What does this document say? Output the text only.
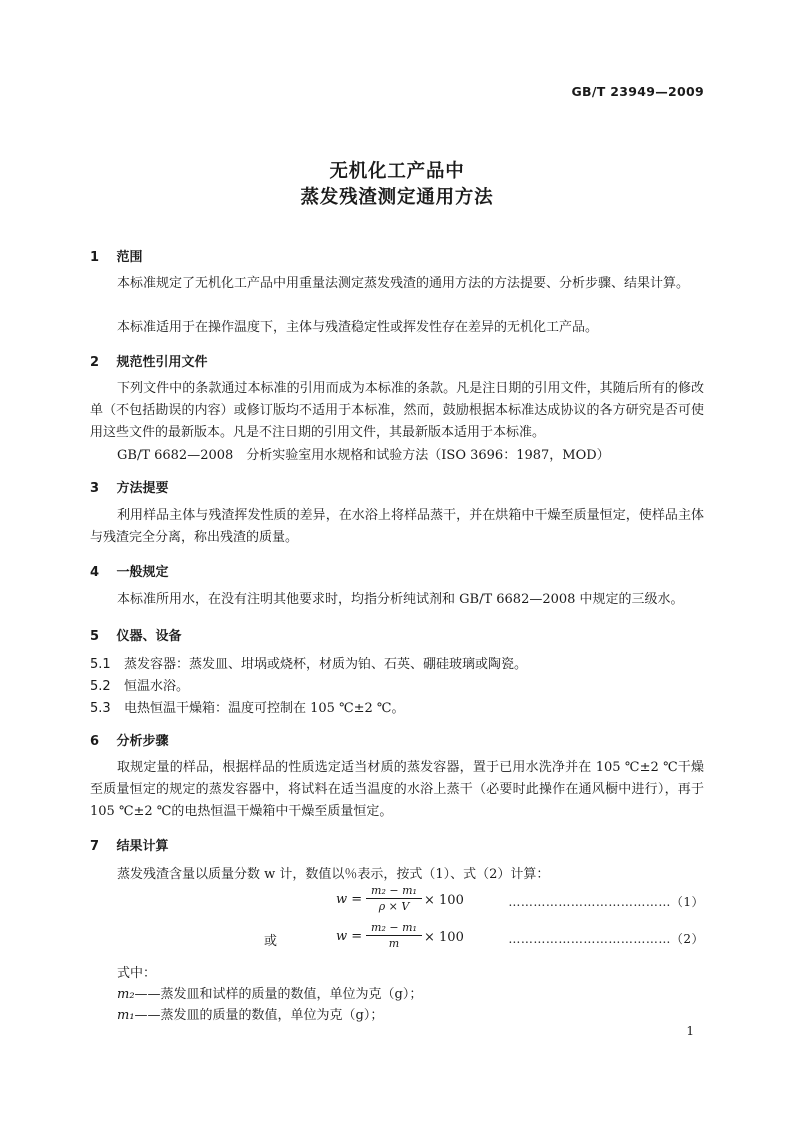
GB/T 23949—2009
无机化工产品中
蒸发残渣测定通用方法
1 范围

本标准规定了无机化工产品中用重量法测定蒸发残渣的通用方法的方法提要、分析步骤、结果计算。

本标准适用于在操作温度下，主体与残渣稳定性或挥发性存在差异的无机化工产品。

2 规范性引用文件

下列文件中的条款通过本标准的引用而成为本标准的条款。凡是注日期的引用文件，其随后所有的修改单（不包括勘误的内容）或修订版均不适用于本标准，然而，鼓励根据本标准达成协议的各方研究是否可使用这些文件的最新版本。凡是不注日期的引用文件，其最新版本适用于本标准。

GB/T 6682—2008　分析实验室用水规格和试验方法（ISO 3696：1987，MOD）
3 方法提要

利用样品主体与残渣挥发性质的差异，在水浴上将样品蒸干，并在烘箱中干燥至质量恒定，使样品主体与残渣完全分离，称出残渣的质量。

4 一般规定

本标准所用水，在没有注明其他要求时，均指分析纯试剂和 GB/T 6682—2008 中规定的三级水。

5 仪器、设备
5.1 蒸发容器：蒸发皿、坩埚或烧杯，材质为铂、石英、硼硅玻璃或陶瓷。
5.2 恒温水浴。
5.3 电热恒温干燥箱：温度可控制在 105 ℃±2 ℃。
6 分析步骤

取规定量的样品，根据样品的性质选定适当材质的蒸发容器，置于已用水洗净并在 105 ℃±2 ℃干燥至质量恒定的规定的蒸发容器中，将试料在适当温度的水浴上蒸干（必要时此操作在通风橱中进行），再于 105 ℃±2 ℃的电热恒温干燥箱中干燥至质量恒定。

7 结果计算
蒸发残渣含量以质量分数 w 计，数值以％表示，按式（1）、式（2）计算：
w =
m₂ − m₁
ρ × V	× 100	…………………………………（1）
或	w =
m₂ − m₁
m	× 100	…………………………………（2）
式中：
m₂——蒸发皿和试样的质量的数值，单位为克（g）；
m₁——蒸发皿的质量的数值，单位为克（g）；
1
